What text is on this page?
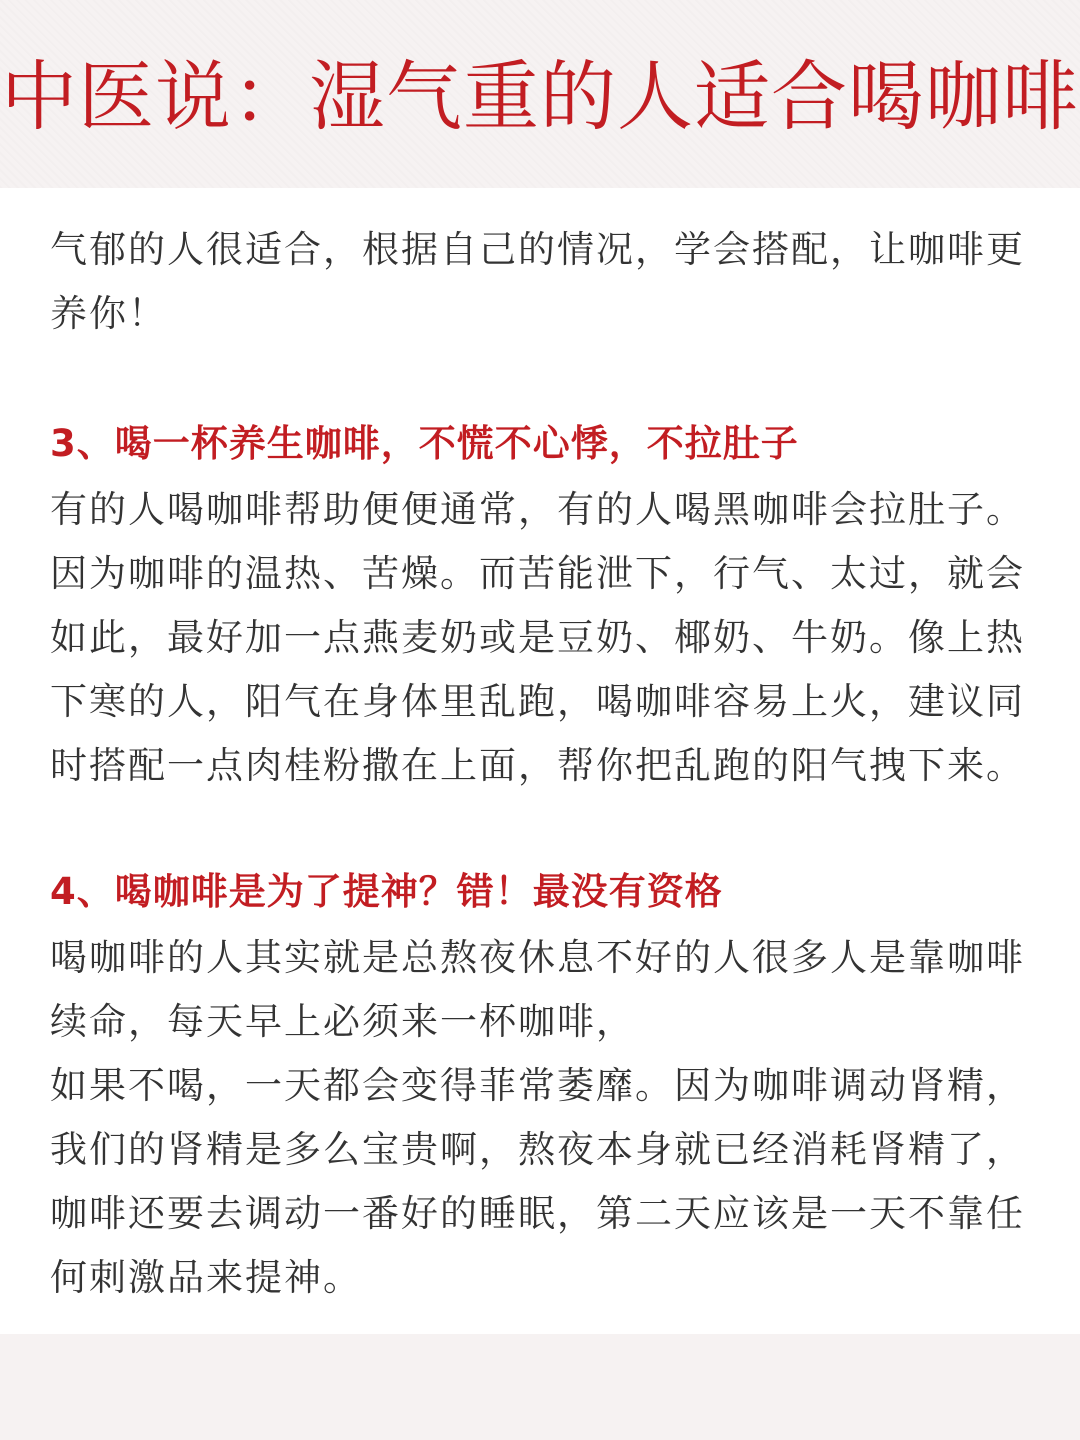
中医说：湿气重的人适合喝咖啡
气郁的人很适合，根据自己的情况，学会搭配，让咖啡更
养你！
3、喝一杯养生咖啡，不慌不心悸，不拉肚子
有的人喝咖啡帮助便便通常，有的人喝黑咖啡会拉肚子。
因为咖啡的温热、苦燥。而苦能泄下，行气、太过，就会
如此，最好加一点燕麦奶或是豆奶、椰奶、牛奶。像上热
下寒的人，阳气在身体里乱跑，喝咖啡容易上火，建议同
时搭配一点肉桂粉撒在上面，帮你把乱跑的阳气拽下来。
4、喝咖啡是为了提神？错！最没有资格
喝咖啡的人其实就是总熬夜休息不好的人很多人是靠咖啡
续命，每天早上必须来一杯咖啡，
如果不喝，一天都会变得菲常萎靡。因为咖啡调动肾精，
我们的肾精是多么宝贵啊，熬夜本身就已经消耗肾精了，
咖啡还要去调动一番好的睡眠，第二天应该是一天不靠任
何刺激品来提神。
